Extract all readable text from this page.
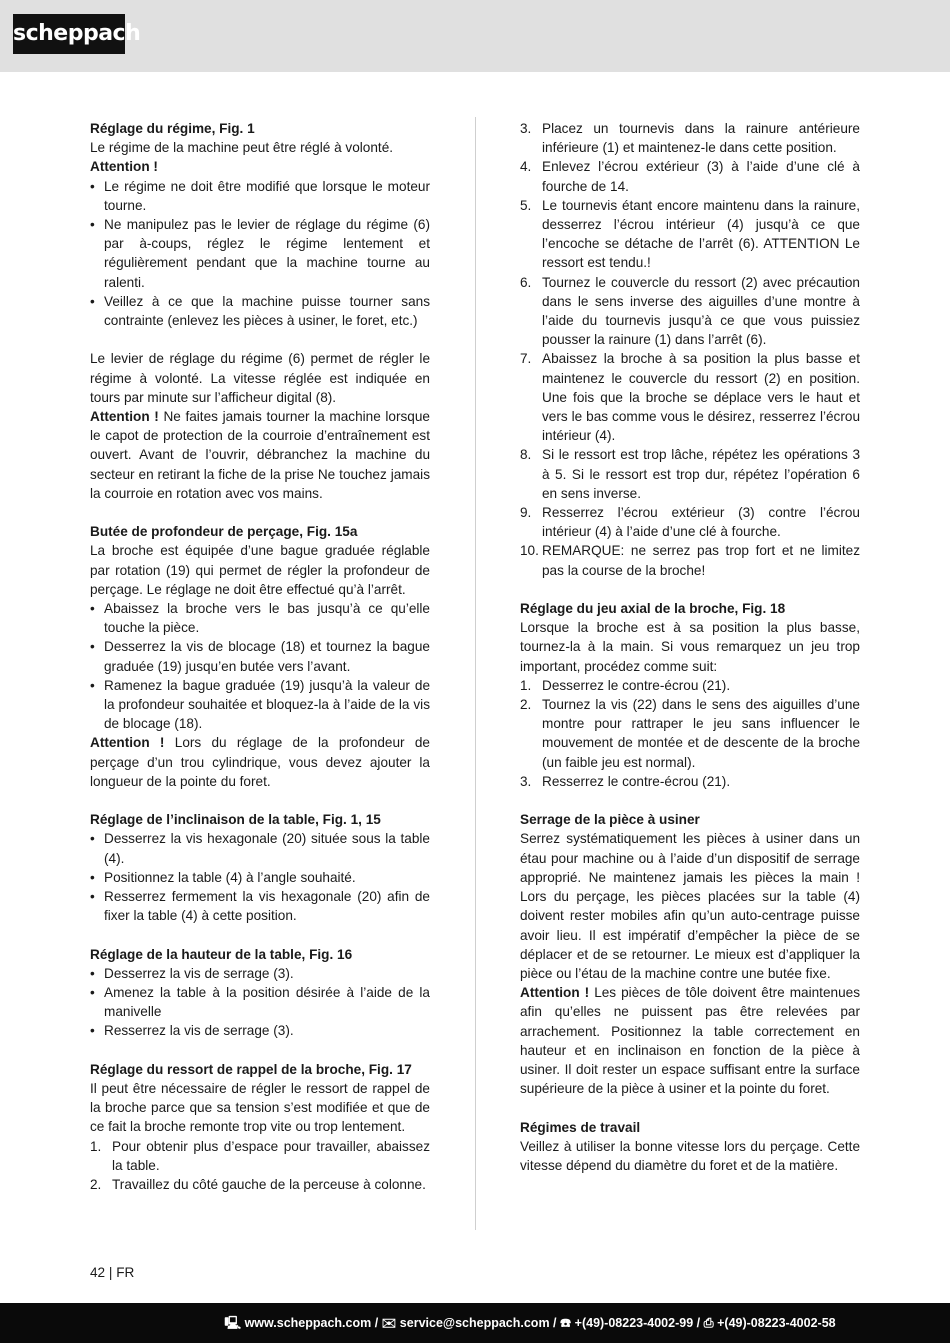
scheppach

Réglage du régime, Fig. 1

Le régime de la machine peut être réglé à volonté.

Attention !

• Le régime ne doit être modifié que lorsque le moteur tourne.
• Ne manipulez pas le levier de réglage du régime (6) par à-coups, réglez le régime lentement et régulièrement pendant que la machine tourne au ralenti.
• Veillez à ce que la machine puisse tourner sans contrainte (enlevez les pièces à usiner, le foret, etc.)

Le levier de réglage du régime (6) permet de régler le régime à volonté. La vitesse réglée est indiquée en tours par minute sur l’afficheur digital (8).

Attention ! Ne faites jamais tourner la machine lorsque le capot de protection de la courroie d’entraînement est ouvert. Avant de l’ouvrir, débranchez la machine du secteur en retirant la fiche de la prise Ne touchez jamais la courroie en rotation avec vos mains.

Butée de profondeur de perçage, Fig. 15a

La broche est équipée d’une bague graduée réglable par rotation (19) qui permet de régler la profondeur de perçage. Le réglage ne doit être effectué qu’à l’arrêt.

• Abaissez la broche vers le bas jusqu’à ce qu’elle touche la pièce.
• Desserrez la vis de blocage (18) et tournez la bague graduée (19) jusqu’en butée vers l’avant.
• Ramenez la bague graduée (19) jusqu’à la valeur de la profondeur souhaitée et bloquez-la à l’aide de la vis de blocage (18).

Attention ! Lors du réglage de la profondeur de perçage d’un trou cylindrique, vous devez ajouter la longueur de la pointe du foret.

Réglage de l’inclinaison de la table, Fig. 1, 15

• Desserrez la vis hexagonale (20) située sous la table (4).
• Positionnez la table (4) à l’angle souhaité.
• Resserrez fermement la vis hexagonale (20) afin de fixer la table (4) à cette position.

Réglage de la hauteur de la table, Fig. 16

• Desserrez la vis de serrage (3).
• Amenez la table à la position désirée à l’aide de la manivelle
• Resserrez la vis de serrage (3).

Réglage du ressort de rappel de la broche, Fig. 17

Il peut être nécessaire de régler le ressort de rappel de la broche parce que sa tension s’est modifiée et que de ce fait la broche remonte trop vite ou trop lentement.

1. Pour obtenir plus d’espace pour travailler, abaissez la table.
2. Travaillez du côté gauche de la perceuse à colonne.
3. Placez un tournevis dans la rainure antérieure inférieure (1) et maintenez-le dans cette position.
4. Enlevez l’écrou extérieur (3) à l’aide d’une clé à fourche de 14.
5. Le tournevis étant encore maintenu dans la rainure, desserrez l’écrou intérieur (4) jusqu’à ce que l’encoche se détache de l’arrêt (6). ATTENTION Le ressort est tendu.!
6. Tournez le couvercle du ressort (2) avec précaution dans le sens inverse des aiguilles d’une montre à l’aide du tournevis jusqu’à ce que vous puissiez pousser la rainure (1) dans l’arrêt (6).
7. Abaissez la broche à sa position la plus basse et maintenez le couvercle du ressort (2) en position. Une fois que la broche se déplace vers le haut et vers le bas comme vous le désirez, resserrez l’écrou intérieur (4).
8. Si le ressort est trop lâche, répétez les opérations 3 à 5. Si le ressort est trop dur, répétez l’opération 6 en sens inverse.
9. Resserrez l’écrou extérieur (3) contre l’écrou intérieur (4) à l’aide d’une clé à fourche.
10. REMARQUE: ne serrez pas trop fort et ne limitez pas la course de la broche!

Réglage du jeu axial de la broche, Fig. 18

Lorsque la broche est à sa position la plus basse, tournez-la à la main. Si vous remarquez un jeu trop important, procédez comme suit:

1. Desserrez le contre-écrou (21).
2. Tournez la vis (22) dans le sens des aiguilles d’une montre pour rattraper le jeu sans influencer le mouvement de montée et de descente de la broche (un faible jeu est normal).
3. Resserrez le contre-écrou (21).

Serrage de la pièce à usiner

Serrez systématiquement les pièces à usiner dans un étau pour machine ou à l’aide d’un dispositif de serrage approprié. Ne maintenez jamais les pièces la main ! Lors du perçage, les pièces placées sur la table (4) doivent rester mobiles afin qu’un auto-centrage puisse avoir lieu. Il est impératif d’empêcher la pièce de se déplacer et de se retourner. Le mieux est d’appliquer la pièce ou l’étau de la machine contre une butée fixe.

Attention ! Les pièces de tôle doivent être maintenues afin qu’elles ne puissent pas être relevées par arrachement. Positionnez la table correctement en hauteur et en inclinaison en fonction de la pièce à usiner. Il doit rester un espace suffisant entre la surface supérieure de la pièce à usiner et la pointe du foret.

Régimes de travail

Veillez à utiliser la bonne vitesse lors du perçage. Cette vitesse dépend du diamètre du foret et de la matière.

42 | FR
🖳 www.scheppach.com / ✉ service@scheppach.com / ☎ +(49)-08223-4002-99 / ⎙ +(49)-08223-4002-58
